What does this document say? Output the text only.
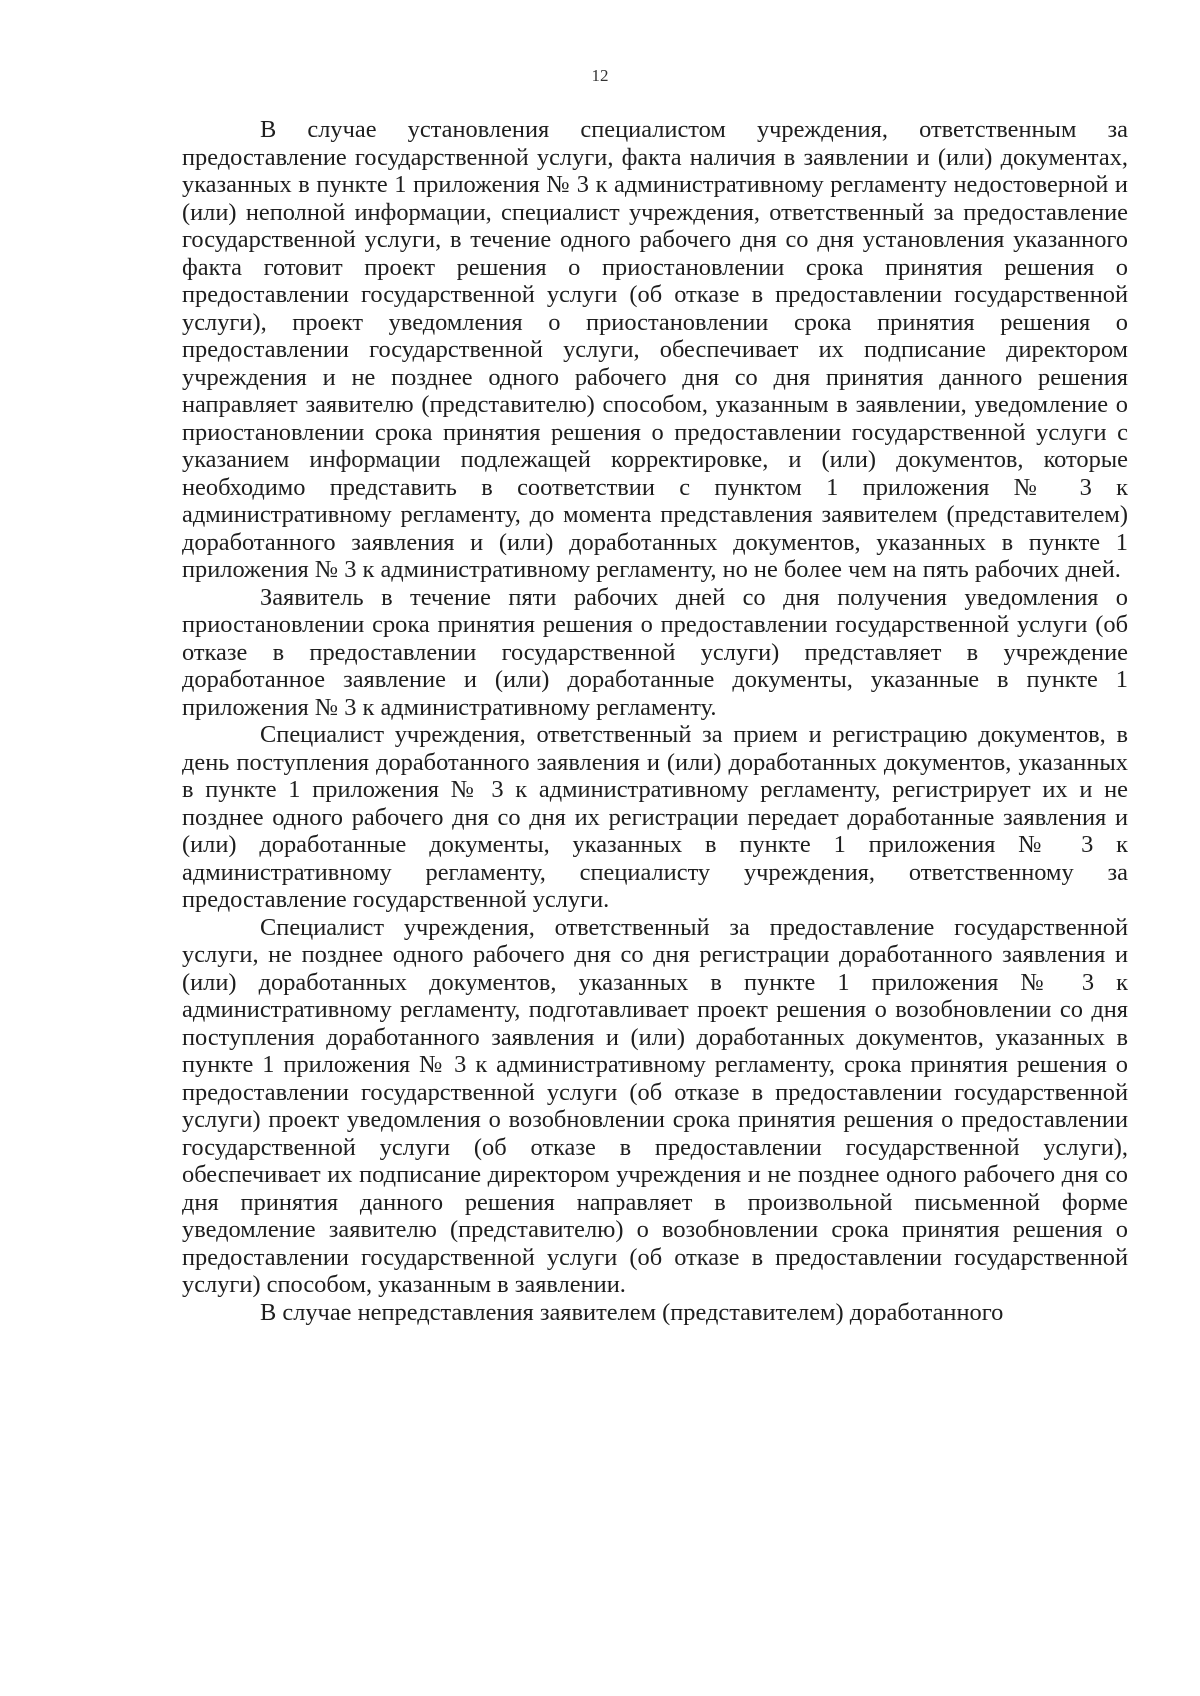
12

В случае установления специалистом учреждения, ответственным за предоставление государственной услуги, факта наличия в заявлении и (или) документах, указанных в пункте 1 приложения № 3 к административному регламенту недостоверной и (или) неполной информации, специалист учреждения, ответственный за предоставление государственной услуги, в течение одного рабочего дня со дня установления указанного факта готовит проект решения о приостановлении срока принятия решения о предоставлении государственной услуги (об отказе в предоставлении государственной услуги), проект уведомления о приостановлении срока принятия решения о предоставлении государственной услуги, обеспечивает их подписание директором учреждения и не позднее одного рабочего дня со дня принятия данного решения направляет заявителю (представителю) способом, указанным в заявлении, уведомление о приостановлении срока принятия решения о предоставлении государственной услуги с указанием информации подлежащей корректировке, и (или) документов, которые необходимо представить в соответствии с пунктом 1 приложения № 3 к административному регламенту, до момента представления заявителем (представителем) доработанного заявления и (или) доработанных документов, указанных в пункте 1 приложения № 3 к административному регламенту, но не более чем на пять рабочих дней.

Заявитель в течение пяти рабочих дней со дня получения уведомления о приостановлении срока принятия решения о предоставлении государственной услуги (об отказе в предоставлении государственной услуги) представляет в учреждение доработанное заявление и (или) доработанные документы, указанные в пункте 1 приложения № 3 к административному регламенту.

Специалист учреждения, ответственный за прием и регистрацию документов, в день поступления доработанного заявления и (или) доработанных документов, указанных в пункте 1 приложения № 3 к административному регламенту, регистрирует их и не позднее одного рабочего дня со дня их регистрации передает доработанные заявления и (или) доработанные документы, указанных в пункте 1 приложения № 3 к административному регламенту, специалисту учреждения, ответственному за предоставление государственной услуги.

Специалист учреждения, ответственный за предоставление государственной услуги, не позднее одного рабочего дня со дня регистрации доработанного заявления и (или) доработанных документов, указанных в пункте 1 приложения № 3 к административному регламенту, подготавливает проект решения о возобновлении со дня поступления доработанного заявления и (или) доработанных документов, указанных в пункте 1 приложения № 3 к административному регламенту, срока принятия решения о предоставлении государственной услуги (об отказе в предоставлении государственной услуги) проект уведомления о возобновлении срока принятия решения о предоставлении государственной услуги (об отказе в предоставлении государственной услуги), обеспечивает их подписание директором учреждения и не позднее одного рабочего дня со дня принятия данного решения направляет в произвольной письменной форме уведомление заявителю (представителю) о возобновлении срока принятия решения о предоставлении государственной услуги (об отказе в предоставлении государственной услуги) способом, указанным в заявлении.

В случае непредставления заявителем (представителем) доработанного
